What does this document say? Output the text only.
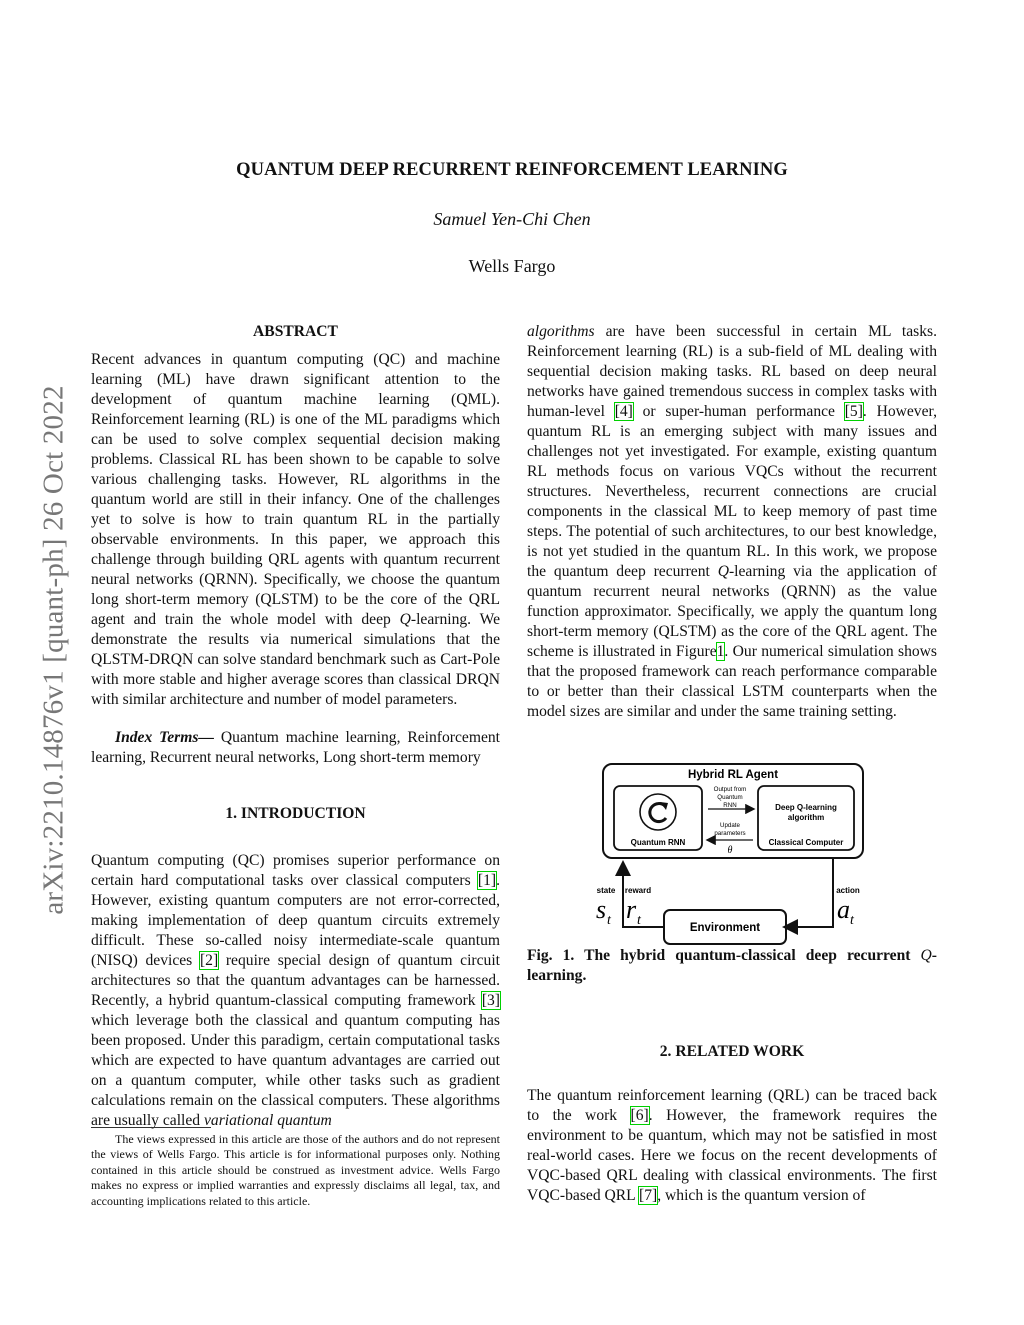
arXiv:2210.14876v1 [quant-ph] 26 Oct 2022
QUANTUM DEEP RECURRENT REINFORCEMENT LEARNING
Samuel Yen-Chi Chen
Wells Fargo
ABSTRACT

Recent advances in quantum computing (QC) and machine learning (ML) have drawn significant attention to the development of quantum machine learning (QML). Reinforcement learning (RL) is one of the ML paradigms which can be used to solve complex sequential decision making problems. Classical RL has been shown to be capable to solve various challenging tasks. However, RL algorithms in the quantum world are still in their infancy. One of the challenges yet to solve is how to train quantum RL in the partially observable environments. In this paper, we approach this challenge through building QRL agents with quantum recurrent neural networks (QRNN). Specifically, we choose the quantum long short-term memory (QLSTM) to be the core of the QRL agent and train the whole model with deep Q-learning. We demonstrate the results via numerical simulations that the QLSTM-DRQN can solve standard benchmark such as Cart-Pole with more stable and higher average scores than classical DRQN with similar architecture and number of model parameters.

Index Terms— Quantum machine learning, Reinforcement learning, Recurrent neural networks, Long short-term memory

1. INTRODUCTION

Quantum computing (QC) promises superior performance on certain hard computational tasks over classical computers [1]. However, existing quantum computers are not error-corrected, making implementation of deep quantum circuits extremely difficult. These so-called noisy intermediate-scale quantum (NISQ) devices [2] require special design of quantum circuit architectures so that the quantum advantages can be harnessed. Recently, a hybrid quantum-classical computing framework [3] which leverage both the classical and quantum computing has been proposed. Under this paradigm, certain computational tasks which are expected to have quantum advantages are carried out on a quantum computer, while other tasks such as gradient calculations remain on the classical computers. These algorithms are usually called variational quantum

The views expressed in this article are those of the authors and do not represent the views of Wells Fargo. This article is for informational purposes only. Nothing contained in this article should be construed as investment advice. Wells Fargo makes no express or implied warranties and expressly disclaims all legal, tax, and accounting implications related to this article.

algorithms are have been successful in certain ML tasks. Reinforcement learning (RL) is a sub-field of ML dealing with sequential decision making tasks. RL based on deep neural networks have gained tremendous success in complex tasks with human-level [4] or super-human performance [5]. However, quantum RL is an emerging subject with many issues and challenges not yet investigated. For example, existing quantum RL methods focus on various VQCs without the recurrent structures. Nevertheless, recurrent connections are crucial components in the classical ML to keep memory of past time steps. The potential of such architectures, to our best knowledge, is not yet studied in the quantum RL. In this work, we propose the quantum deep recurrent Q-learning via the application of quantum recurrent neural networks (QRNN) as the value function approximator. Specifically, we apply the quantum long short-term memory (QLSTM) as the core of the QRL agent. The scheme is illustrated in Figure1. Our numerical simulation shows that the proposed framework can reach performance comparable to or better than their classical LSTM counterparts when the model sizes are similar and under the same training setting.

Hybrid RL Agent
Quantum RNN
Deep Q-learning
algorithm
Classical Computer
Output from
Quantum
RNN
Update
parameters
θ
Environment
state reward	action
s t r t	a t

Fig. 1. The hybrid quantum-classical deep recurrent Q-learning.

2. RELATED WORK

The quantum reinforcement learning (QRL) can be traced back to the work [6]. However, the framework requires the environment to be quantum, which may not be satisfied in most real-world cases. Here we focus on the recent developments of VQC-based QRL dealing with classical environments. The first VQC-based QRL [7], which is the quantum version of
